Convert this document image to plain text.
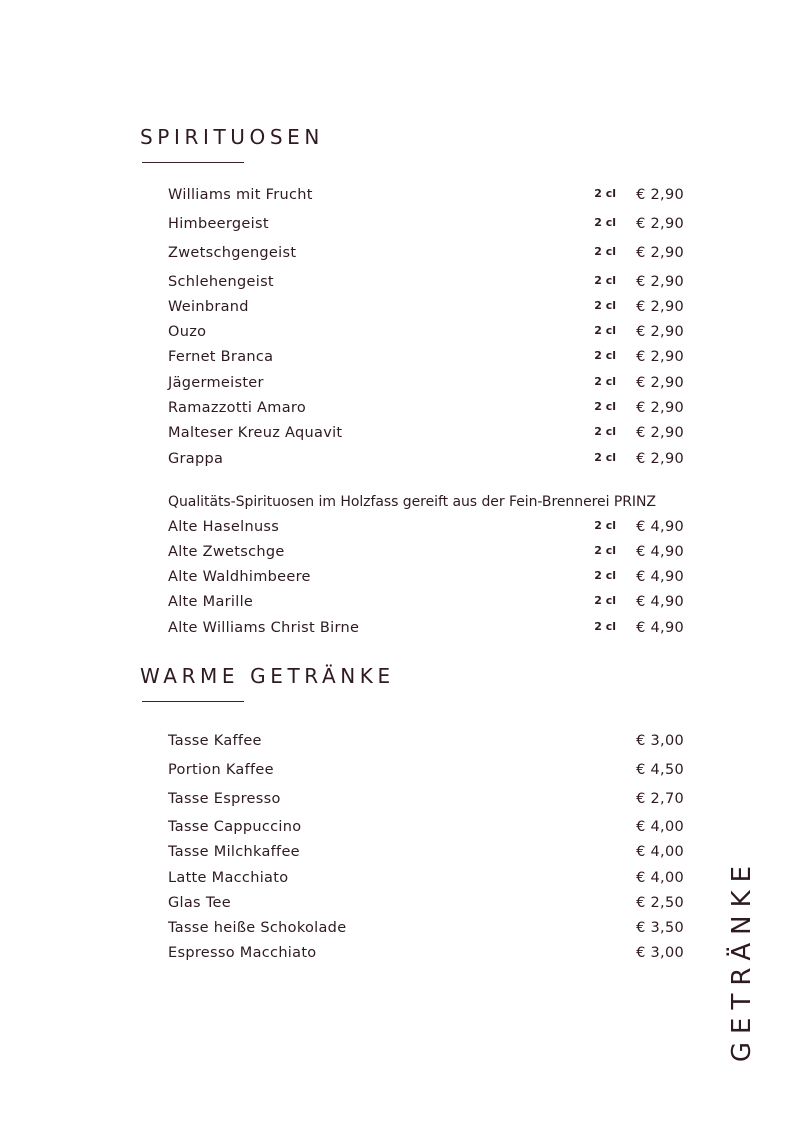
SPIRITUOSEN
Williams mit Frucht	2 cl € 2,90
Himbeergeist	2 cl € 2,90
Zwetschgengeist	2 cl € 2,90
Schlehengeist	2 cl € 2,90
Weinbrand	2 cl € 2,90
Ouzo	2 cl € 2,90
Fernet Branca	2 cl € 2,90
Jägermeister	2 cl € 2,90
Ramazzotti Amaro	2 cl € 2,90
Malteser Kreuz Aquavit	2 cl € 2,90
Grappa	2 cl € 2,90

Qualitäts-Spirituosen im Holzfass gereift aus der Fein-Brennerei PRINZ

Alte Haselnuss	2 cl € 4,90
Alte Zwetschge	2 cl € 4,90
Alte Waldhimbeere	2 cl € 4,90
Alte Marille	2 cl € 4,90
Alte Williams Christ Birne	2 cl € 4,90
WARME GETRÄNKE
Tasse Kaffee	€ 3,00
Portion Kaffee	€ 4,50
Tasse Espresso	€ 2,70
Tasse Cappuccino	€ 4,00
Tasse Milchkaffee	€ 4,00
Latte Macchiato	€ 4,00
Glas Tee	€ 2,50
Tasse heiße Schokolade	€ 3,50
Espresso Macchiato	€ 3,00 GETRÄNKE
